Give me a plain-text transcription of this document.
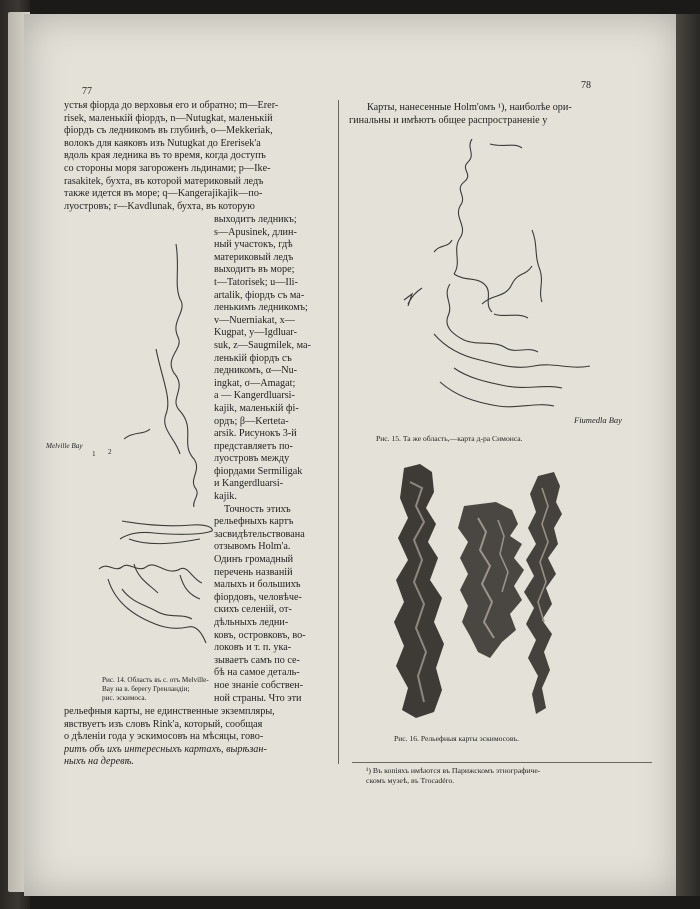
77
78
устья фіорда до верховья его и обратно; m—Erer-
risek, маленькій фіордъ, n—Nutugkat, маленькій
фіордъ съ ледникомъ въ глубинѣ, o—Mekkeriak,
волокъ для каяковъ изъ Nutugkat до Ererisek'a
вдоль края ледника въ то время, когда доступъ
со стороны моря загороженъ льдинами; p—Ike-
rasakitek, бухта, въ которой материковый ледъ
также идется въ море; q—Kangerajikajik—по-
луостровъ; r—Kavdlunak, бухта, въ которую
выходитъ ледникъ;
s—Apusinek, длин-
ный участокъ, гдѣ
материковый ледъ
выходитъ въ море;
t—Tatorisek; u—Ili-
artalik, фіордъ съ ма-
ленькимъ ледникомъ;
v—Nuerniakat, x—
Kugpat, y—Igdluar-
suk, z—Saugmilek, ма-
ленькій фіордъ съ
ледникомъ, α—Nu-
ingkat, σ—Amagat;
a — Kangerdluarsi-
kajik, маленькій фі-
ордъ; β—Kerteta-
arsik. Рисунокъ 3-й
представляетъ по-
луостровъ между
фіордами Sermiligak
и Kangerdluarsi-
kajik.
Точность этихъ
рельефныхъ картъ
засвидѣтельствована
отзывомъ Holm'a.
Одинъ громадный
перечень названій
малыхъ и большихъ
фіордовъ, человѣче-
скихъ селеній, от-
дѣльныхъ ледни-
ковъ, островковъ, во-
локовъ и т. п. ука-
зываетъ самъ по се-
бѣ на самое деталь-
ное знаніе собствен-
ной страны. Что эти
Melville Bay
1 2
Рис. 14. Область въ с. отъ Melville-
Bay на в. берегу Гренландіи;
рис. эскимоса.
рельефныя карты, не единственные экземпляры,
явствуетъ изъ словъ Rink'a, который, сообщая
о дѣленіи года у эскимосовъ на мѣсяцы, гово-
ритъ объ ихъ интересныхъ картахъ, вырѣзан-
ныхъ на деревѣ.
Карты, нанесенные Holm'омъ ¹), наиболѣе ори-
гинальны и имѣютъ общее распространеніе у
Fiumedla Bay
Рис. 15. Та же область,—карта д-ра Симонса.
Рис. 16. Рельефныя карты эскимосовъ.
¹) Въ копіяхъ имѣются въ Парижскомъ этнографиче-
скомъ музеѣ, въ Trocadéro.
